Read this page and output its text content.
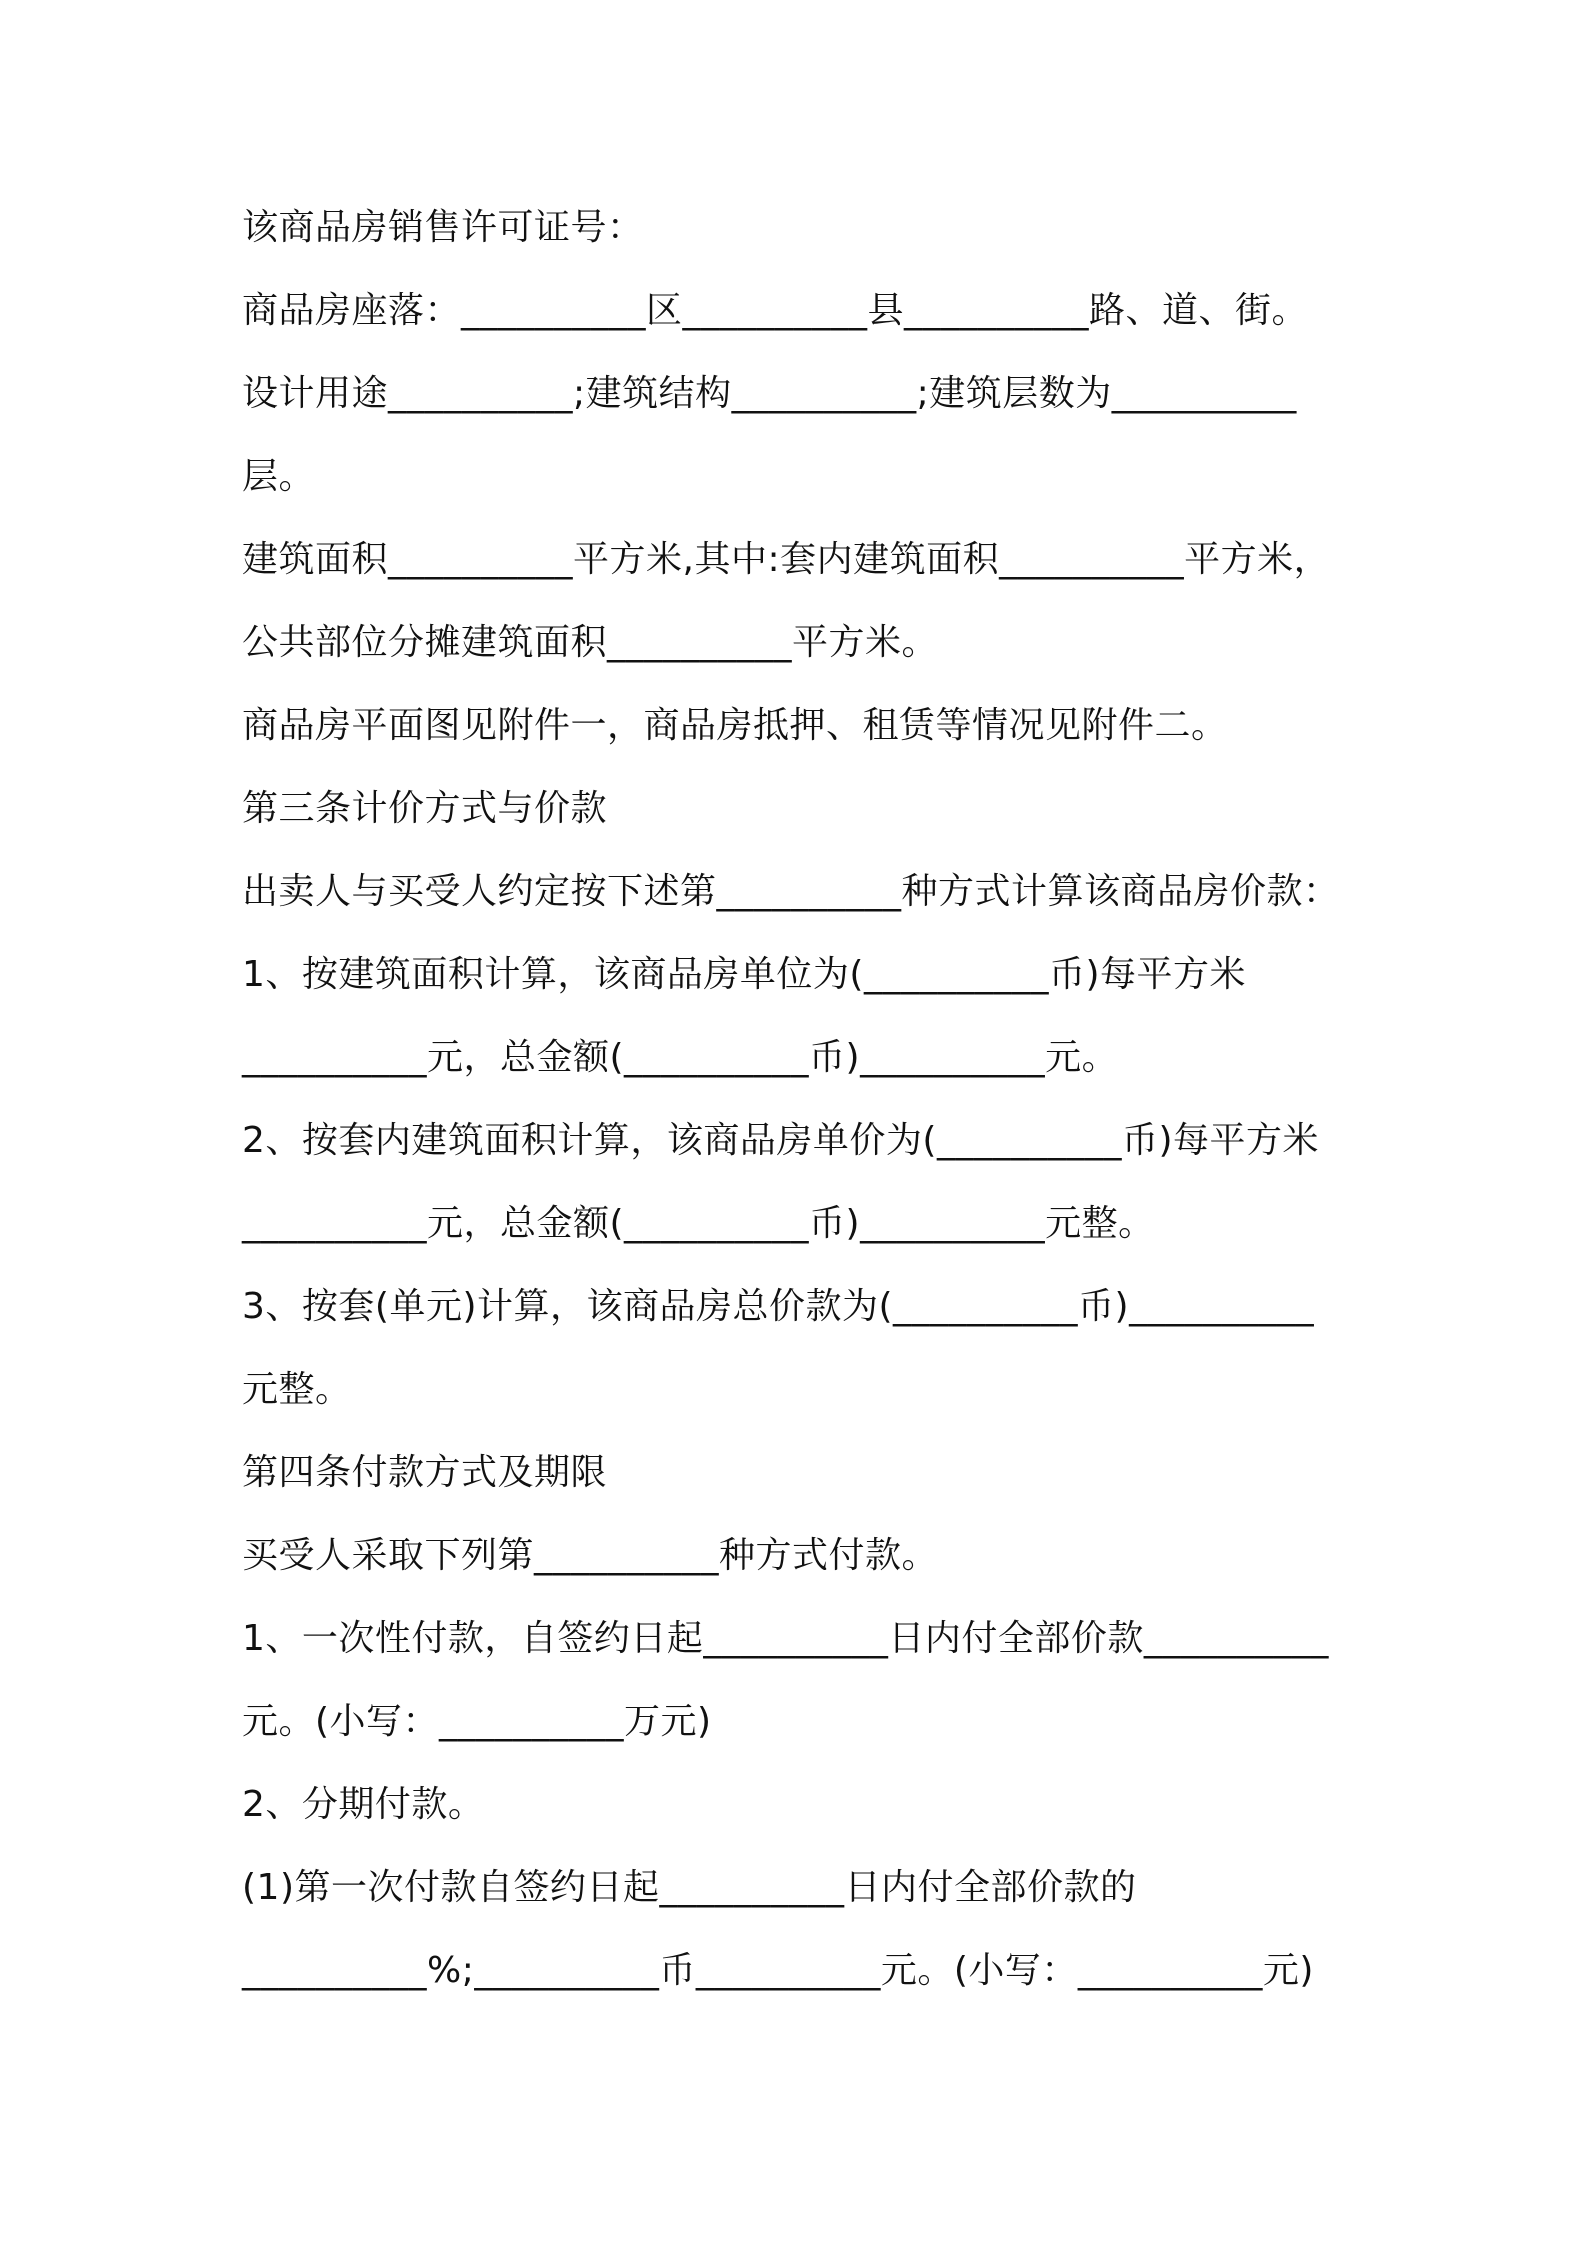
该商品房销售许可证号：
商品房座落：__________区__________县__________路、道、街。
设计用途__________;建筑结构__________;建筑层数为__________
层。
建筑面积__________平方米,其中:套内建筑面积__________平方米，
公共部位分摊建筑面积__________平方米。
商品房平面图见附件一，商品房抵押、租赁等情况见附件二。
第三条计价方式与价款
出卖人与买受人约定按下述第__________种方式计算该商品房价款：
1、按建筑面积计算，该商品房单位为(__________币)每平方米
__________元，总金额(__________币)__________元。
2、按套内建筑面积计算，该商品房单价为(__________币)每平方米
__________元，总金额(__________币)__________元整。
3、按套(单元)计算，该商品房总价款为(__________币)__________
元整。
第四条付款方式及期限
买受人采取下列第__________种方式付款。
1、一次性付款，自签约日起__________日内付全部价款__________
元。(小写：__________万元)
2、分期付款。
(1)第一次付款自签约日起__________日内付全部价款的
__________%;__________币__________元。(小写：__________元)
